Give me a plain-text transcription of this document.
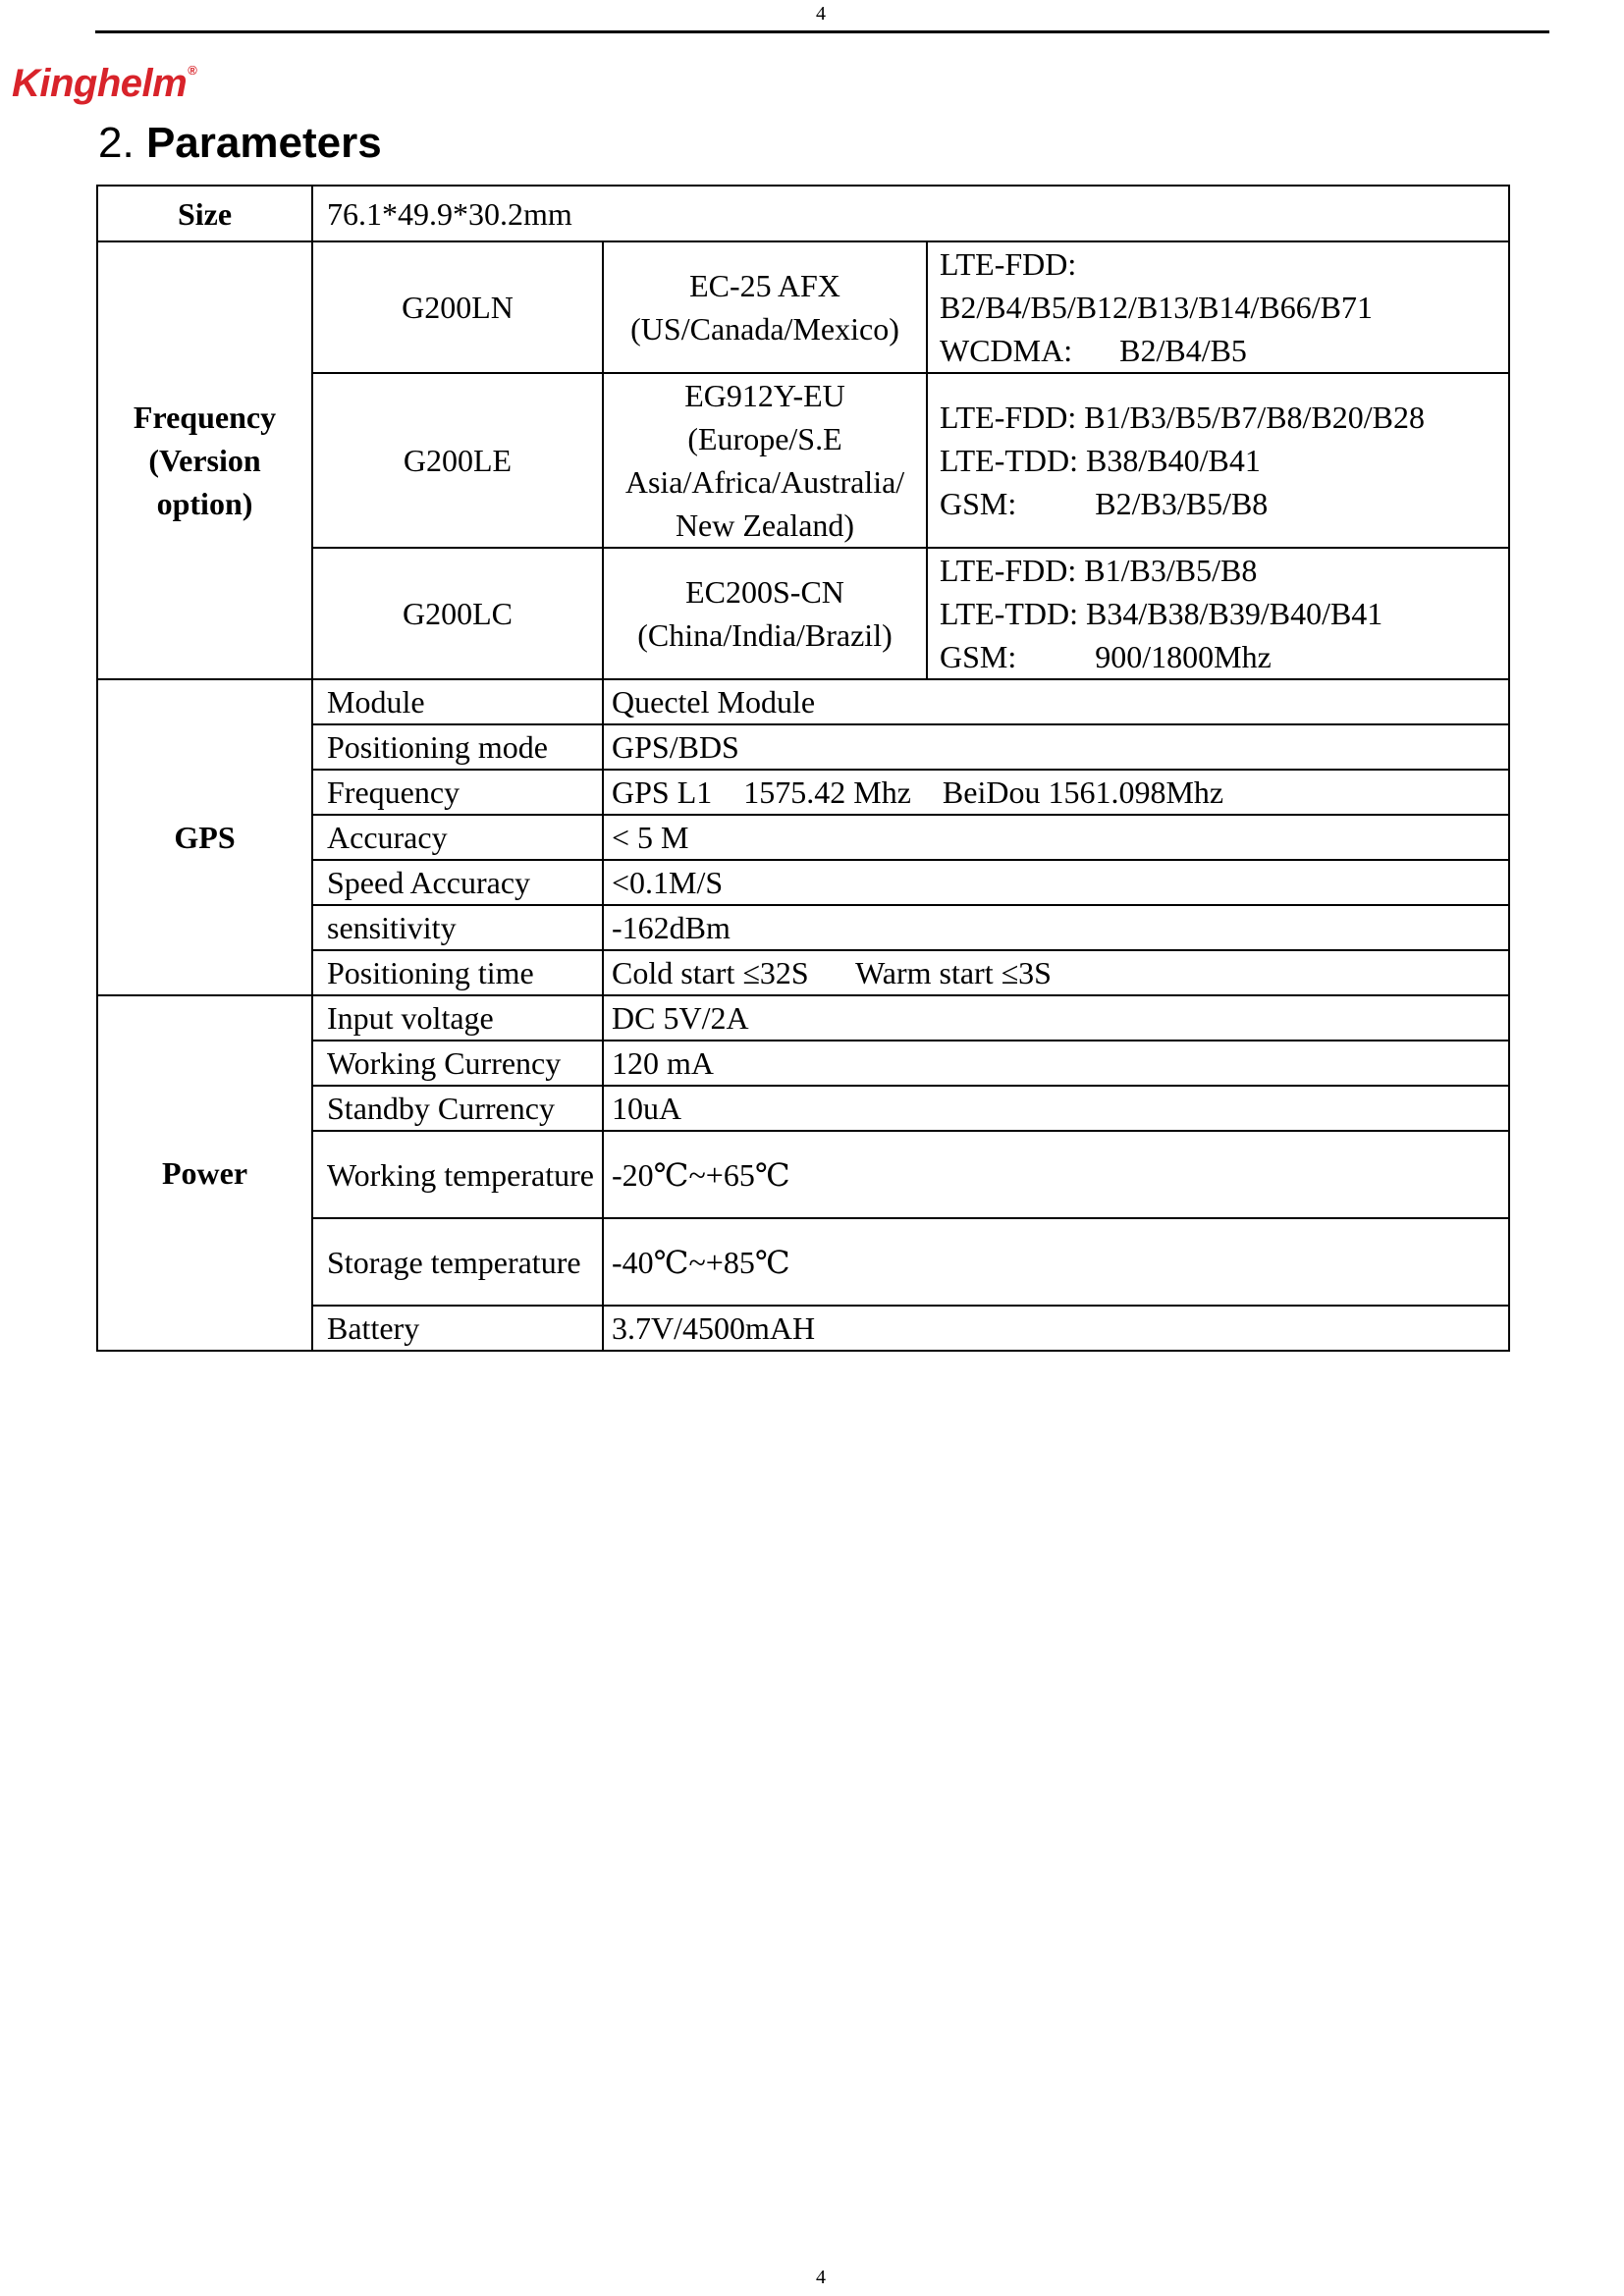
4
Kinghelm®
2. Parameters
Size	76.1*49.9*30.2mm		
Frequency (Version option)	G200LN	EC-25 AFX (US/Canada/Mexico)	LTE-FDD:
B2/B4/B5/B12/B13/B14/B66/B71
WCDMA:      B2/B4/B5

	G200LE	EG912Y-EU (Europe/S.E Asia/Africa/Australia/ New Zealand)	LTE-FDD: B1/B3/B5/B7/B8/B20/B28
LTE-TDD: B38/B40/B41
GSM:          B2/B3/B5/B8

	G200LC	EC200S-CN (China/India/Brazil)	LTE-FDD: B1/B3/B5/B8
LTE-TDD: B34/B38/B39/B40/B41
GSM:          900/1800Mhz

GPS	Module	Quectel Module	
	Positioning mode	GPS/BDS	
	Frequency	GPS L1    1575.42 Mhz    BeiDou 1561.098Mhz	
	Accuracy	< 5 M	
	Speed Accuracy	<0.1M/S	
	sensitivity	-162dBm	
	Positioning time	Cold start ≤32S      Warm start ≤3S	
Power	Input voltage	DC 5V/2A	
	Working Currency	120 mA	
	Standby Currency	10uA	
	Working temperature	-20℃~+65℃	
	Storage temperature	-40℃~+85℃	
	Battery	3.7V/4500mAH	
4
